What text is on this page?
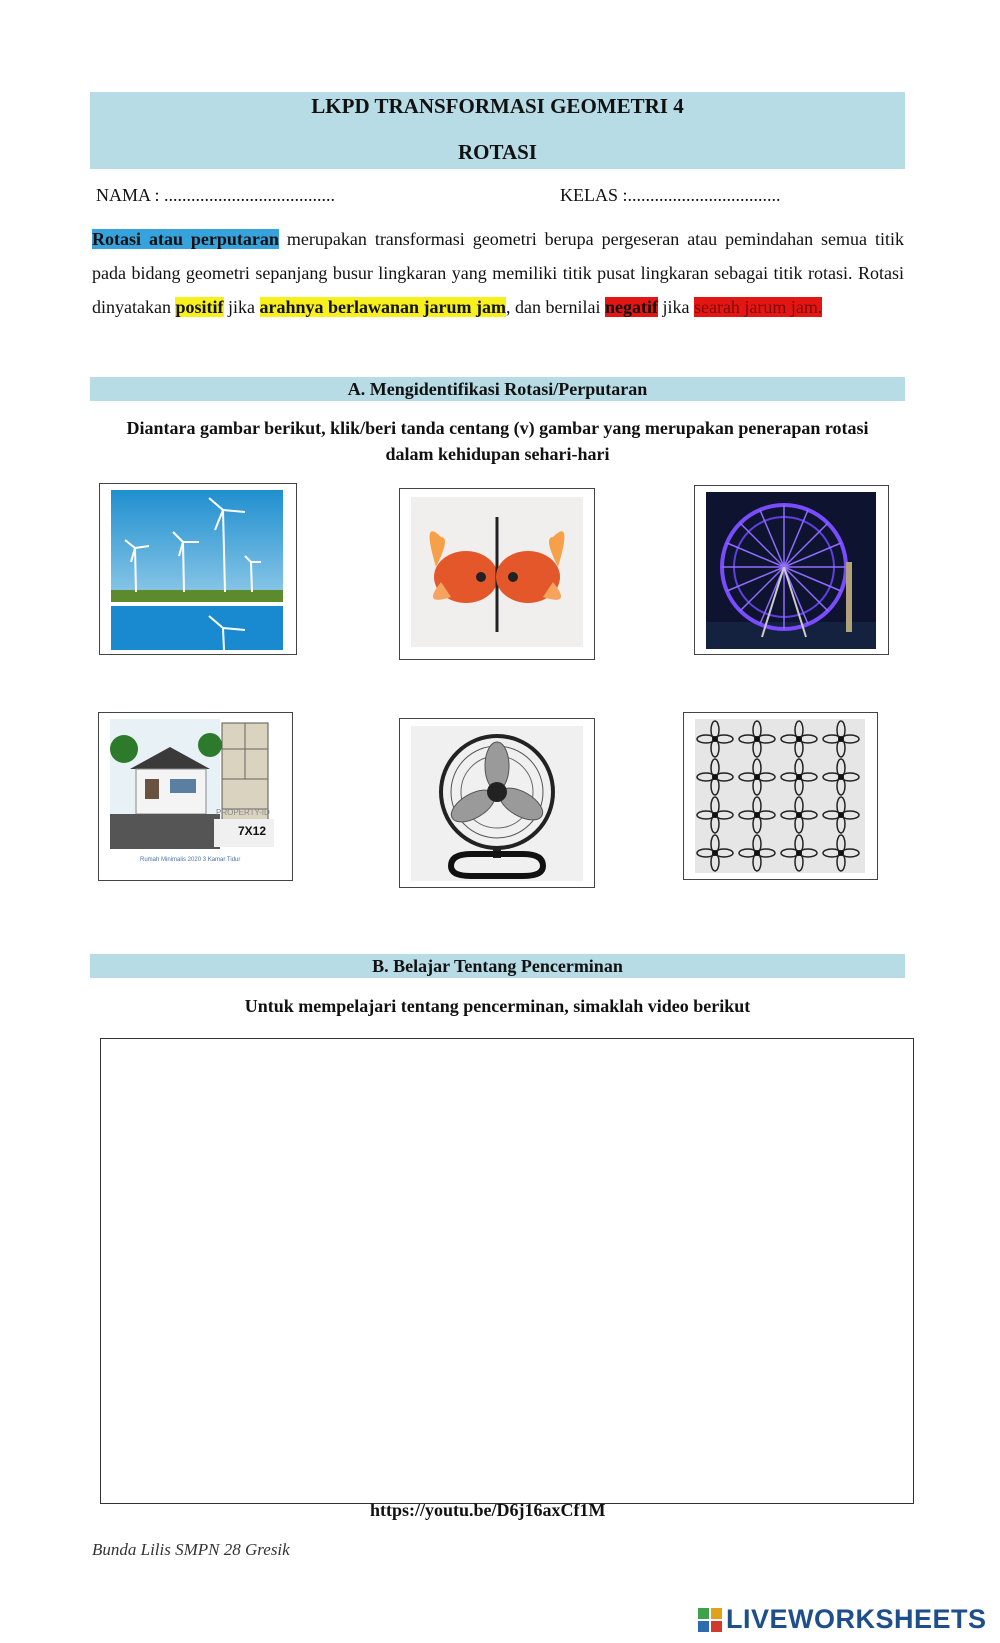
LKPD TRANSFORMASI GEOMETRI 4
ROTASI
NAMA : ......................................	KELAS :..................................
Rotasi atau perputaran merupakan transformasi geometri berupa pergeseran atau pemindahan semua titik pada bidang geometri sepanjang busur lingkaran yang memiliki titik pusat lingkaran sebagai titik rotasi. Rotasi dinyatakan positif jika arahnya berlawanan jarum jam, dan bernilai negatif jika searah jarum jam.
A. Mengidentifikasi Rotasi/Perputaran
Diantara gambar berikut, klik/beri tanda centang (v) gambar yang merupakan penerapan rotasi
dalam kehidupan sehari-hari
PROPERTY-ID
7X12
Rumah Minimalis 2020 3 Kamar Tidur
B. Belajar Tentang Pencerminan
Untuk mempelajari tentang pencerminan, simaklah video berikut
https://youtu.be/D6j16axCf1M
Bunda Lilis SMPN 28 Gresik
LIVEWORKSHEETS
